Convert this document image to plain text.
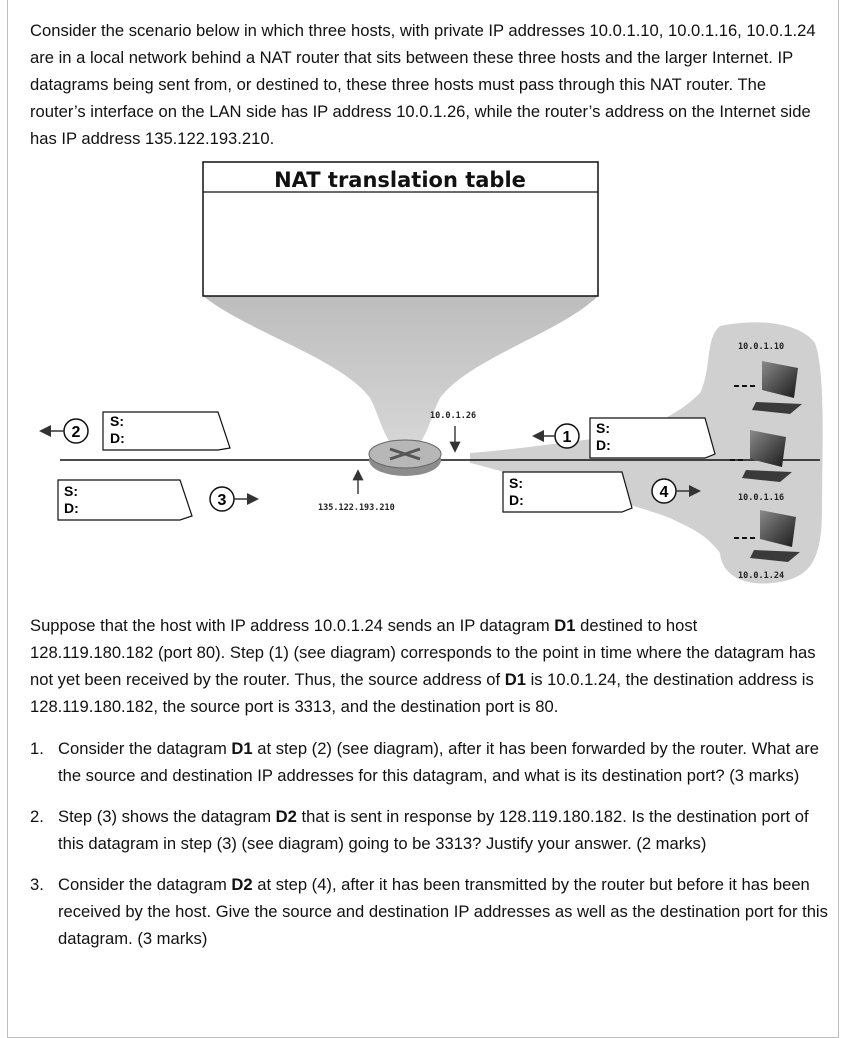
Consider the scenario below in which three hosts, with private IP addresses 10.0.1.10, 10.0.1.16, 10.0.1.24 are in a local network behind a NAT router that sits between these three hosts and the larger Internet. IP datagrams being sent from, or destined to, these three hosts must pass through this NAT router. The router’s interface on the LAN side has IP address 10.0.1.26, while the router’s address on the Internet side has IP address 135.122.193.210.

NAT translation table
10.0.1.26
135.122.193.210
S:
D:
2
S:
D:	3
S:
D:
1
S:
D:	4
10.0.1.10
10.0.1.16
10.0.1.24

Suppose that the host with IP address 10.0.1.24 sends an IP datagram D1 destined to host 128.119.180.182 (port 80). Step (1) (see diagram) corresponds to the point in time where the datagram has not yet been received by the router. Thus, the source address of D1 is 10.0.1.24, the destination address is 128.119.180.182, the source port is 3313, and the destination port is 80.

1. Consider the datagram D1 at step (2) (see diagram), after it has been forwarded by the router. What are the source and destination IP addresses for this datagram, and what is its destination port? (3 marks)
2. Step (3) shows the datagram D2 that is sent in response by 128.119.180.182. Is the destination port of this datagram in step (3) (see diagram) going to be 3313? Justify your answer. (2 marks)
3. Consider the datagram D2 at step (4), after it has been transmitted by the router but before it has been received by the host. Give the source and destination IP addresses as well as the destination port for this datagram. (3 marks)
